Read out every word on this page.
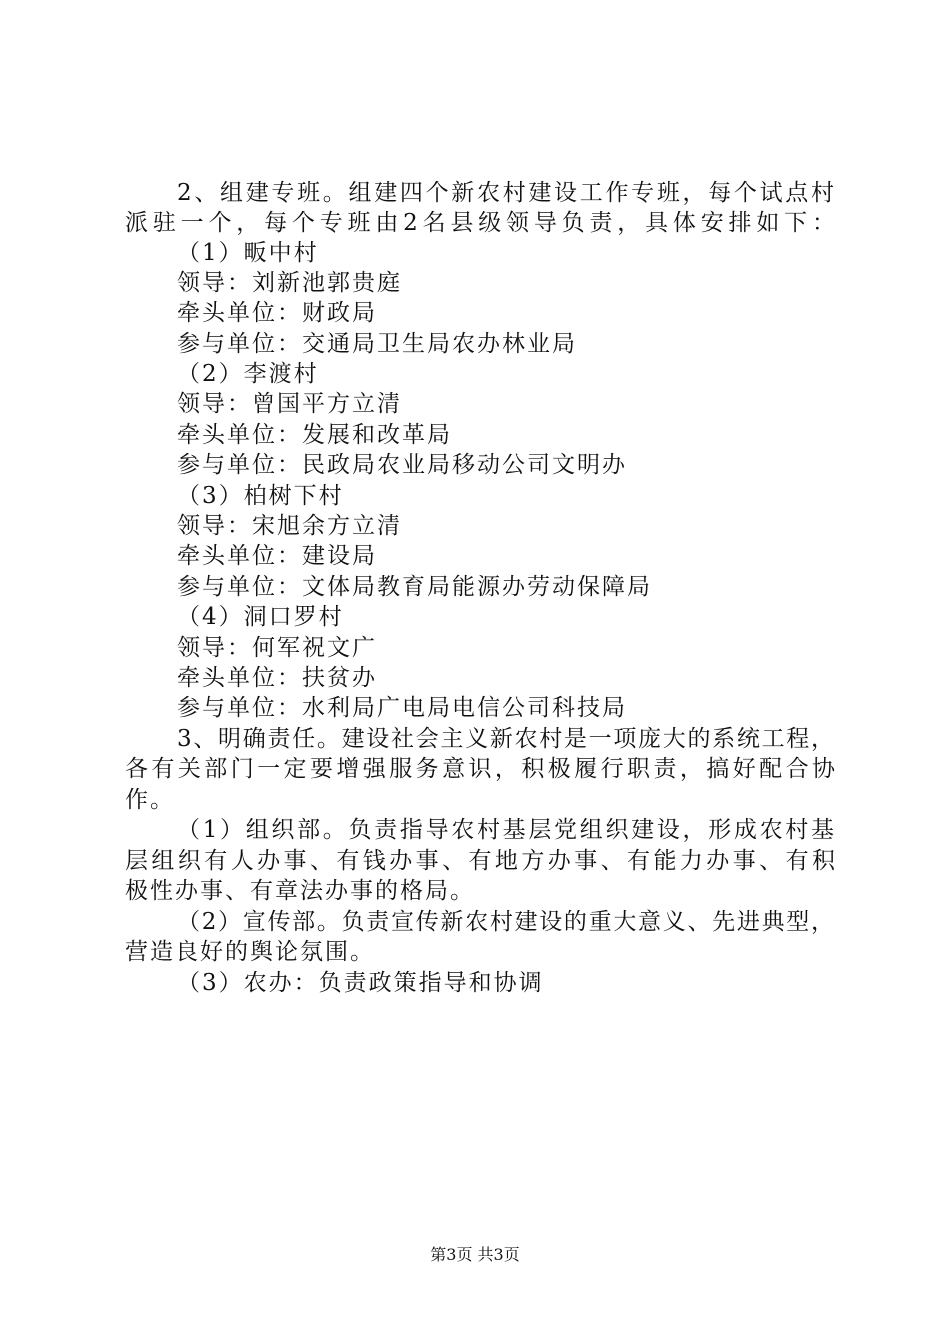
2、组建专班。组建四个新农村建设工作专班，每个试点村
派驻一个，每个专班由2名县级领导负责，具体安排如下：
（1）畈中村
领导：刘新池郭贵庭
牵头单位：财政局
参与单位：交通局卫生局农办林业局
（2）李渡村
领导：曾国平方立清
牵头单位：发展和改革局
参与单位：民政局农业局移动公司文明办
（3）柏树下村
领导：宋旭余方立清
牵头单位：建设局
参与单位：文体局教育局能源办劳动保障局
（4）洞口罗村
领导：何军祝文广
牵头单位：扶贫办
参与单位：水利局广电局电信公司科技局
3、明确责任。建设社会主义新农村是一项庞大的系统工程，
各有关部门一定要增强服务意识，积极履行职责，搞好配合协
作。
（1）组织部。负责指导农村基层党组织建设，形成农村基
层组织有人办事、有钱办事、有地方办事、有能力办事、有积
极性办事、有章法办事的格局。
（2）宣传部。负责宣传新农村建设的重大意义、先进典型，
营造良好的舆论氛围。
（3）农办：负责政策指导和协调
第3页 共3页
